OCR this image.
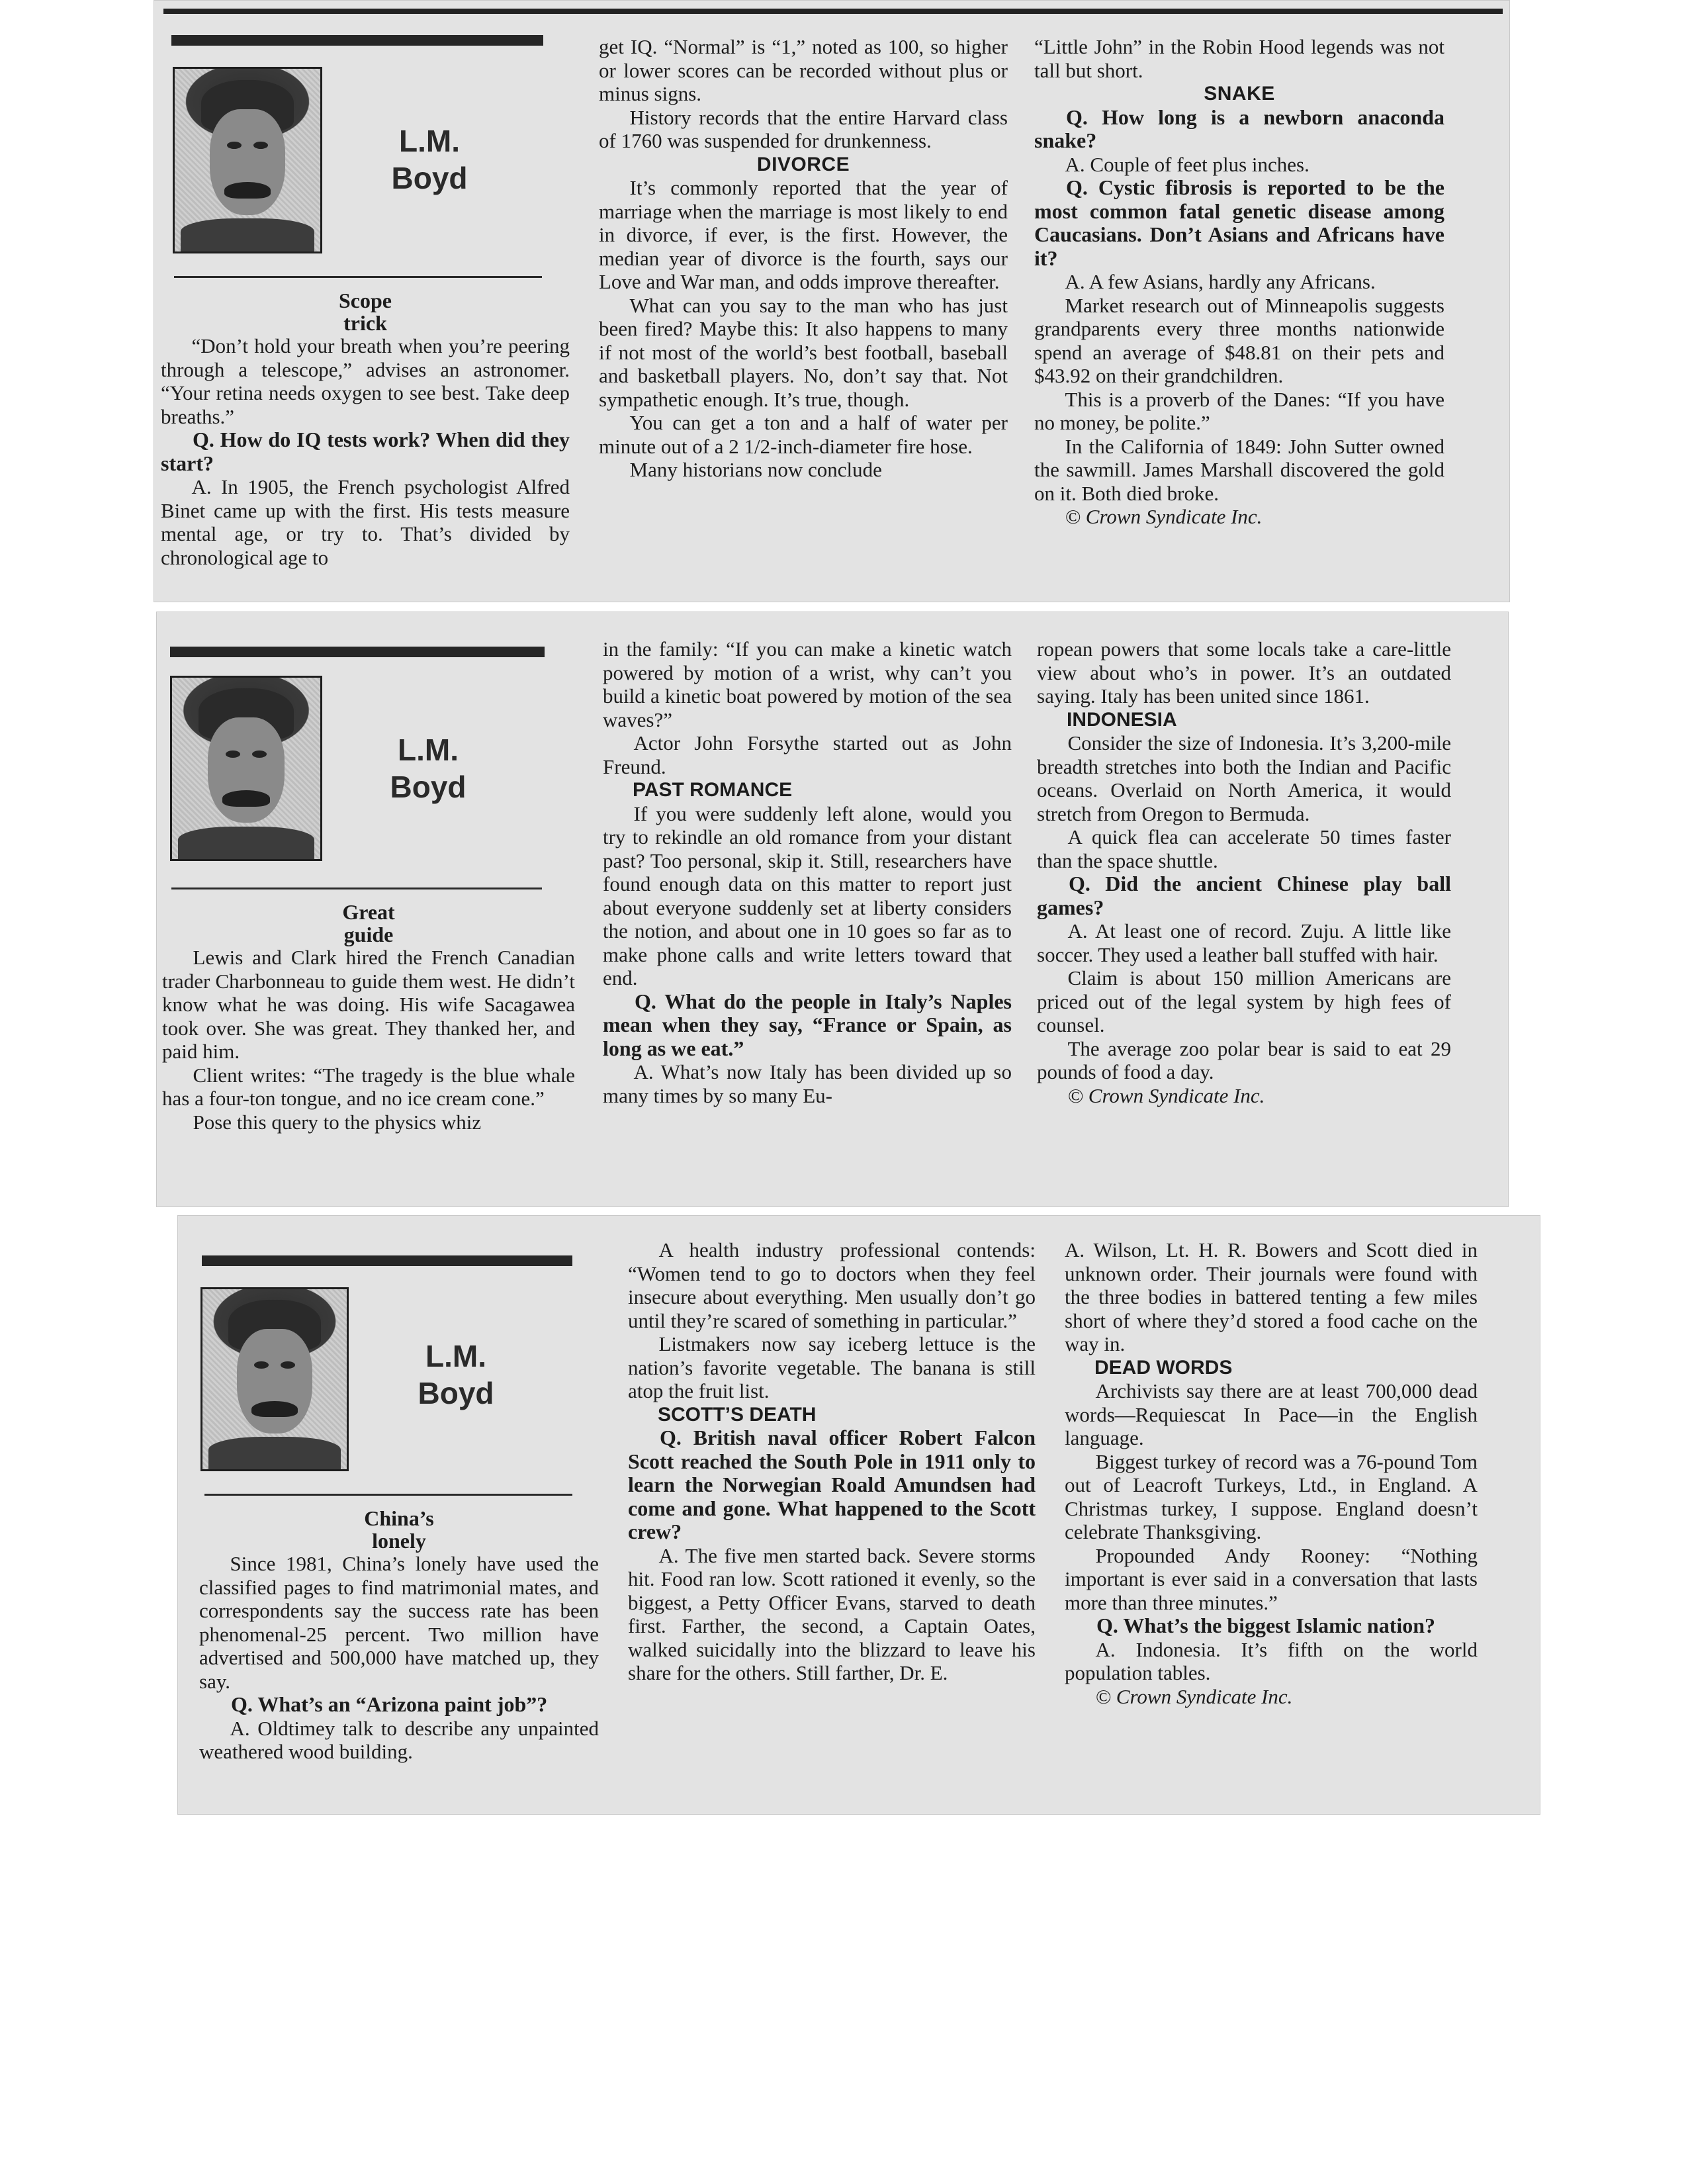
L.M.
Boyd
Scope
trick

“Don’t hold your breath when you’re peering through a telescope,” advises an astronomer. “Your retina needs oxygen to see best. Take deep breaths.”

Q. How do IQ tests work? When did they start?

A. In 1905, the French psychologist Alfred Binet came up with the first. His tests measure mental age, or try to. That’s divided by chronological age to

get IQ. “Normal” is “1,” noted as 100, so higher or lower scores can be recorded without plus or minus signs.

History records that the entire Harvard class of 1760 was suspended for drunkenness.

DIVORCE

It’s commonly reported that the year of marriage when the marriage is most likely to end in divorce, if ever, is the first. However, the median year of divorce is the fourth, says our Love and War man, and odds improve thereafter.

What can you say to the man who has just been fired? Maybe this: It also happens to many if not most of the world’s best football, baseball and basketball players. No, don’t say that. Not sympathetic enough. It’s true, though.

You can get a ton and a half of water per minute out of a 2 1/2-inch-diameter fire hose.

Many historians now conclude

“Little John” in the Robin Hood legends was not tall but short.

SNAKE

Q. How long is a newborn anaconda snake?

A. Couple of feet plus inches.

Q. Cystic fibrosis is reported to be the most common fatal genetic disease among Caucasians. Don’t Asians and Africans have it?

A. A few Asians, hardly any Africans.

Market research out of Minneapolis suggests grandparents every three months nationwide spend an average of $48.81 on their pets and $43.92 on their grandchildren.

This is a proverb of the Danes: “If you have no money, be polite.”

In the California of 1849: John Sutter owned the sawmill. James Marshall discovered the gold on it. Both died broke.

© Crown Syndicate Inc.

L.M.
Boyd
Great
guide

Lewis and Clark hired the French Canadian trader Charbonneau to guide them west. He didn’t know what he was doing. His wife Sacagawea took over. She was great. They thanked her, and paid him.

Client writes: “The tragedy is the blue whale has a four-ton tongue, and no ice cream cone.”

Pose this query to the physics whiz

in the family: “If you can make a kinetic watch powered by motion of a wrist, why can’t you build a kinetic boat powered by motion of the sea waves?”

Actor John Forsythe started out as John Freund.

PAST ROMANCE

If you were suddenly left alone, would you try to rekindle an old romance from your distant past? Too personal, skip it. Still, researchers have found enough data on this matter to report just about everyone suddenly set at liberty considers the notion, and about one in 10 goes so far as to make phone calls and write letters toward that end.

Q. What do the people in Italy’s Naples mean when they say, “France or Spain, as long as we eat.”

A. What’s now Italy has been divided up so many times by so many Eu-

ropean powers that some locals take a care-little view about who’s in power. It’s an outdated saying. Italy has been united since 1861.

INDONESIA

Consider the size of Indonesia. It’s 3,200-mile breadth stretches into both the Indian and Pacific oceans. Overlaid on North America, it would stretch from Oregon to Bermuda.

A quick flea can accelerate 50 times faster than the space shuttle.

Q. Did the ancient Chinese play ball games?

A. At least one of record. Zuju. A little like soccer. They used a leather ball stuffed with hair.

Claim is about 150 million Americans are priced out of the legal system by high fees of counsel.

The average zoo polar bear is said to eat 29 pounds of food a day.

© Crown Syndicate Inc.

L.M.
Boyd
China’s
lonely

Since 1981, China’s lonely have used the classified pages to find matrimonial mates, and correspondents say the success rate has been phenomenal-25 percent. Two million have advertised and 500,000 have matched up, they say.

Q. What’s an “Arizona paint job”?

A. Oldtimey talk to describe any unpainted weathered wood building.

A health industry professional contends: “Women tend to go to doctors when they feel insecure about everything. Men usually don’t go until they’re scared of something in particular.”

Listmakers now say iceberg lettuce is the nation’s favorite vegetable. The banana is still atop the fruit list.

SCOTT’S DEATH

Q. British naval officer Robert Falcon Scott reached the South Pole in 1911 only to learn the Norwegian Roald Amundsen had come and gone. What happened to the Scott crew?

A. The five men started back. Severe storms hit. Food ran low. Scott rationed it evenly, so the biggest, a Petty Officer Evans, starved to death first. Farther, the second, a Captain Oates, walked suicidally into the blizzard to leave his share for the others. Still farther, Dr. E.

A. Wilson, Lt. H. R. Bowers and Scott died in unknown order. Their journals were found with the three bodies in battered tenting a few miles short of where they’d stored a food cache on the way in.

DEAD WORDS

Archivists say there are at least 700,000 dead words—Requiescat In Pace—in the English language.

Biggest turkey of record was a 76-pound Tom out of Leacroft Turkeys, Ltd., in England. A Christmas turkey, I suppose. England doesn’t celebrate Thanksgiving.

Propounded Andy Rooney: “Nothing important is ever said in a conversation that lasts more than three minutes.”

Q. What’s the biggest Islamic nation?

A. Indonesia. It’s fifth on the world population tables.

© Crown Syndicate Inc.
